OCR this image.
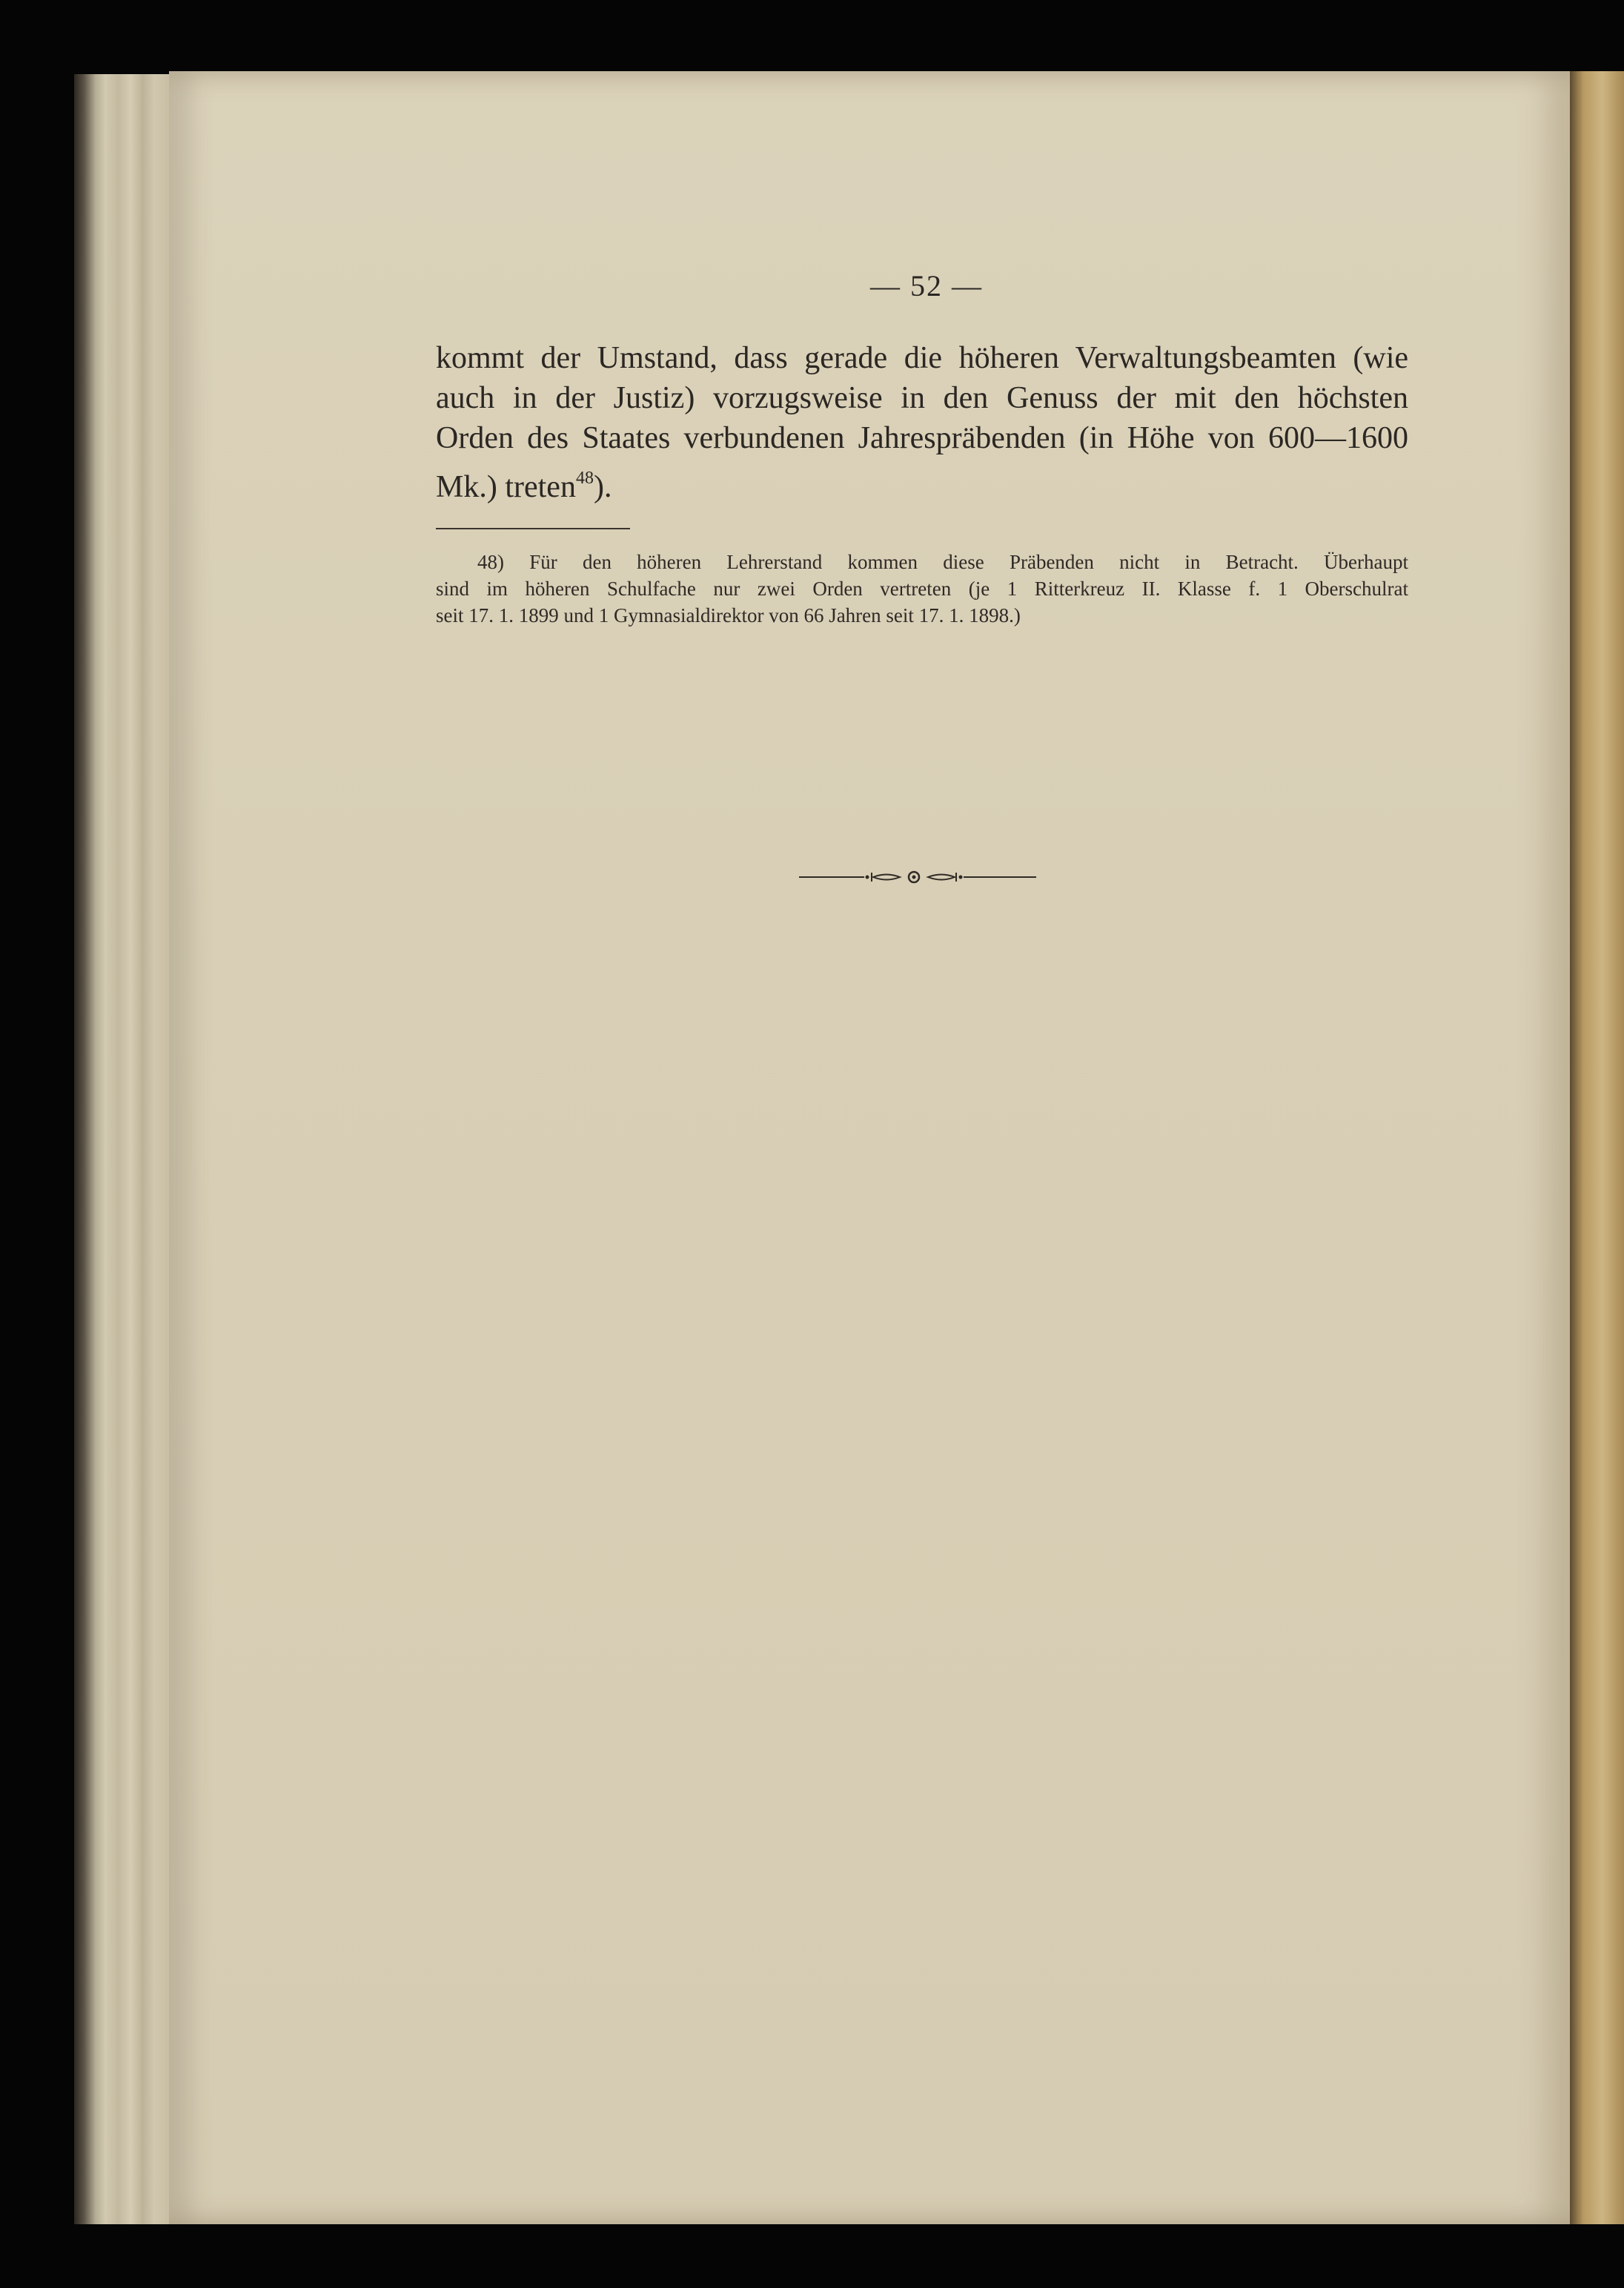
— 52 —
kommt der Umstand, dass gerade die höheren Verwaltungsbeamten (wie
auch in der Justiz) vorzugsweise in den Genuss der mit den höchsten
Orden des Staates verbundenen Jahrespräbenden (in Höhe von 600—1600
Mk.) treten$^{48}$).
48) Für den höheren Lehrerstand kommen diese Präbenden nicht in Betracht. Überhaupt
sind im höheren Schulfache nur zwei Orden vertreten (je 1 Ritterkreuz II. Klasse f. 1 Oberschulrat
seit 17. 1. 1899 und 1 Gymnasialdirektor von 66 Jahren seit 17. 1. 1898.)
